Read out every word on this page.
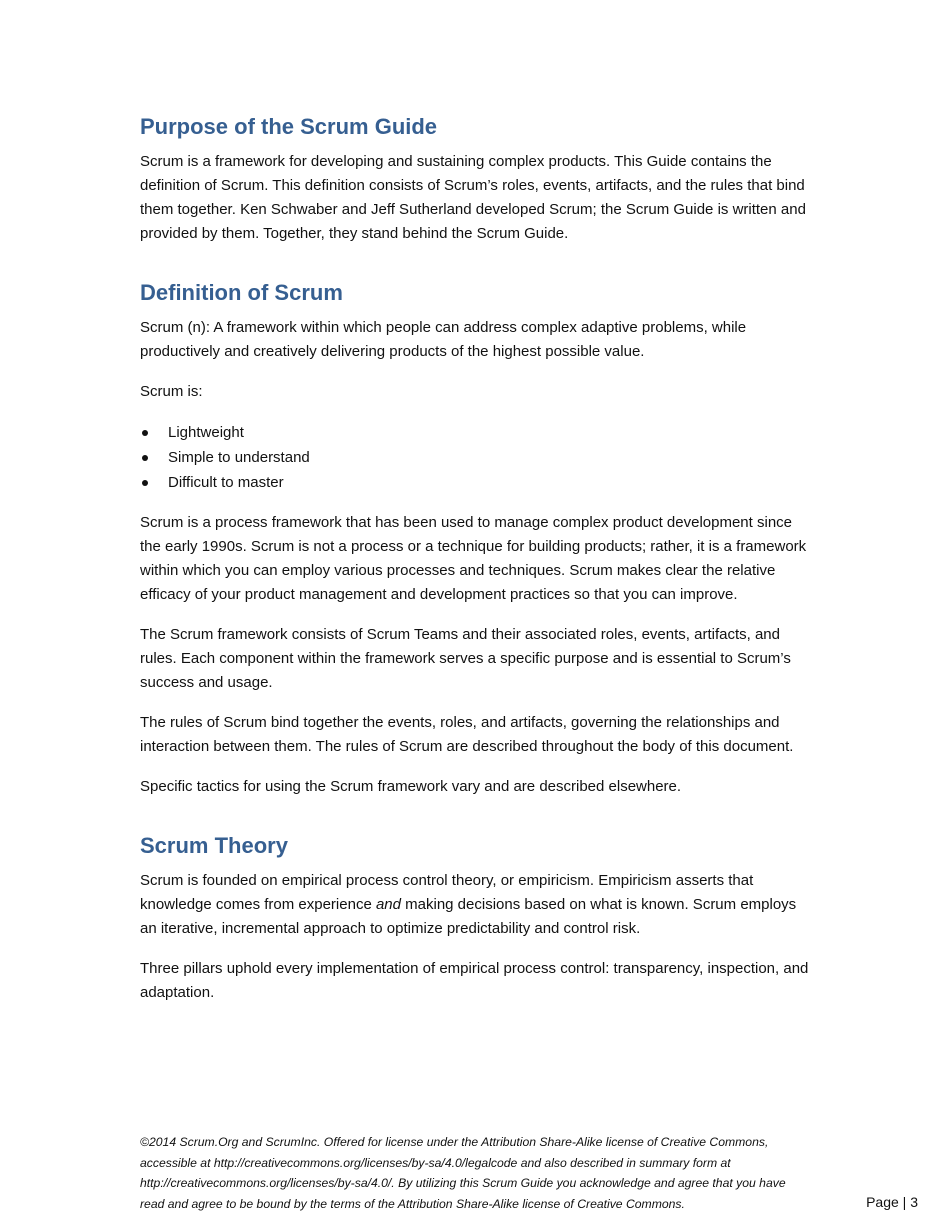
Purpose of the Scrum Guide

Scrum is a framework for developing and sustaining complex products. This Guide contains the definition of Scrum. This definition consists of Scrum’s roles, events, artifacts, and the rules that bind them together. Ken Schwaber and Jeff Sutherland developed Scrum; the Scrum Guide is written and provided by them. Together, they stand behind the Scrum Guide.

Definition of Scrum

Scrum (n): A framework within which people can address complex adaptive problems, while productively and creatively delivering products of the highest possible value.

Scrum is:

Lightweight
Simple to understand
Difficult to master

Scrum is a process framework that has been used to manage complex product development since the early 1990s. Scrum is not a process or a technique for building products; rather, it is a framework within which you can employ various processes and techniques. Scrum makes clear the relative efficacy of your product management and development practices so that you can improve.

The Scrum framework consists of Scrum Teams and their associated roles, events, artifacts, and rules. Each component within the framework serves a specific purpose and is essential to Scrum’s success and usage.

The rules of Scrum bind together the events, roles, and artifacts, governing the relationships and interaction between them. The rules of Scrum are described throughout the body of this document.

Specific tactics for using the Scrum framework vary and are described elsewhere.

Scrum Theory

Scrum is founded on empirical process control theory, or empiricism. Empiricism asserts that knowledge comes from experience and making decisions based on what is known. Scrum employs an iterative, incremental approach to optimize predictability and control risk.

Three pillars uphold every implementation of empirical process control: transparency, inspection, and adaptation.

©2014 Scrum.Org and ScrumInc. Offered for license under the Attribution Share-Alike license of Creative Commons, accessible at http://creativecommons.org/licenses/by-sa/4.0/legalcode and also described in summary form at http://creativecommons.org/licenses/by-sa/4.0/. By utilizing this Scrum Guide you acknowledge and agree that you have read and agree to be bound by the terms of the Attribution Share-Alike license of Creative Commons.	Page | 3
